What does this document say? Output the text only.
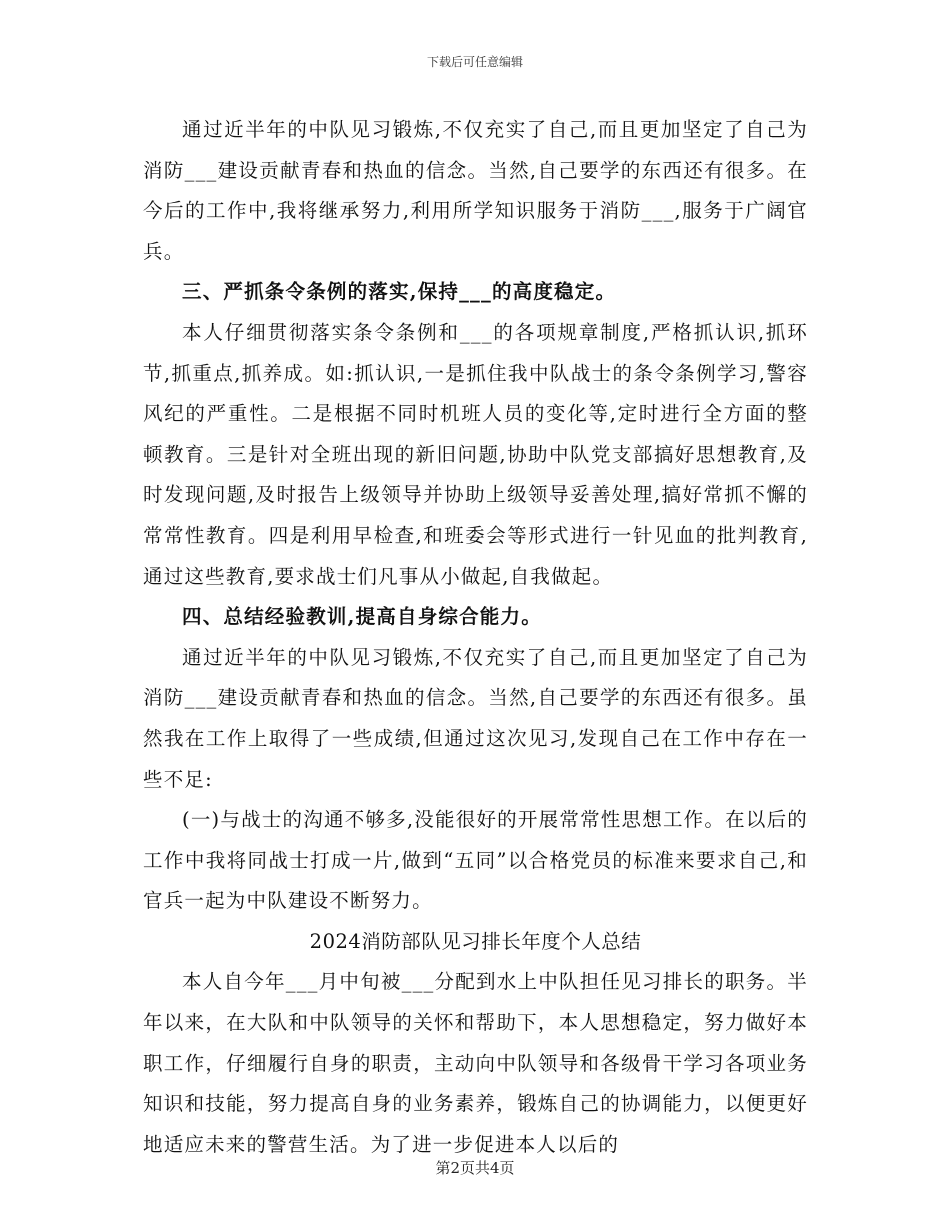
下载后可任意编辑

通过近半年的中队见习锻炼,不仅充实了自己,而且更加坚定了自己为消防___建设贡献青春和热血的信念。当然,自己要学的东西还有很多。在今后的工作中,我将继承努力,利用所学知识服务于消防___,服务于广阔官兵。

三、严抓条令条例的落实,保持___的高度稳定。

本人仔细贯彻落实条令条例和___的各项规章制度,严格抓认识,抓环节,抓重点,抓养成。如:抓认识,一是抓住我中队战士的条令条例学习,警容风纪的严重性。二是根据不同时机班人员的变化等,定时进行全方面的整顿教育。三是针对全班出现的新旧问题,协助中队党支部搞好思想教育,及时发现问题,及时报告上级领导并协助上级领导妥善处理,搞好常抓不懈的常常性教育。四是利用早检查,和班委会等形式进行一针见血的批判教育,通过这些教育,要求战士们凡事从小做起,自我做起。

四、总结经验教训,提高自身综合能力。

通过近半年的中队见习锻炼,不仅充实了自己,而且更加坚定了自己为消防___建设贡献青春和热血的信念。当然,自己要学的东西还有很多。虽然我在工作上取得了一些成绩,但通过这次见习,发现自己在工作中存在一些不足:

(一)与战士的沟通不够多,没能很好的开展常常性思想工作。在以后的工作中我将同战士打成一片,做到“五同”以合格党员的标准来要求自己,和官兵一起为中队建设不断努力。

2024消防部队见习排长年度个人总结

本人自今年___月中旬被___分配到水上中队担任见习排长的职务。半年以来，在大队和中队领导的关怀和帮助下，本人思想稳定，努力做好本职工作，仔细履行自身的职责，主动向中队领导和各级骨干学习各项业务知识和技能，努力提高自身的业务素养，锻炼自己的协调能力，以便更好地适应未来的警营生活。为了进一步促进本人以后的

第2页共4页
